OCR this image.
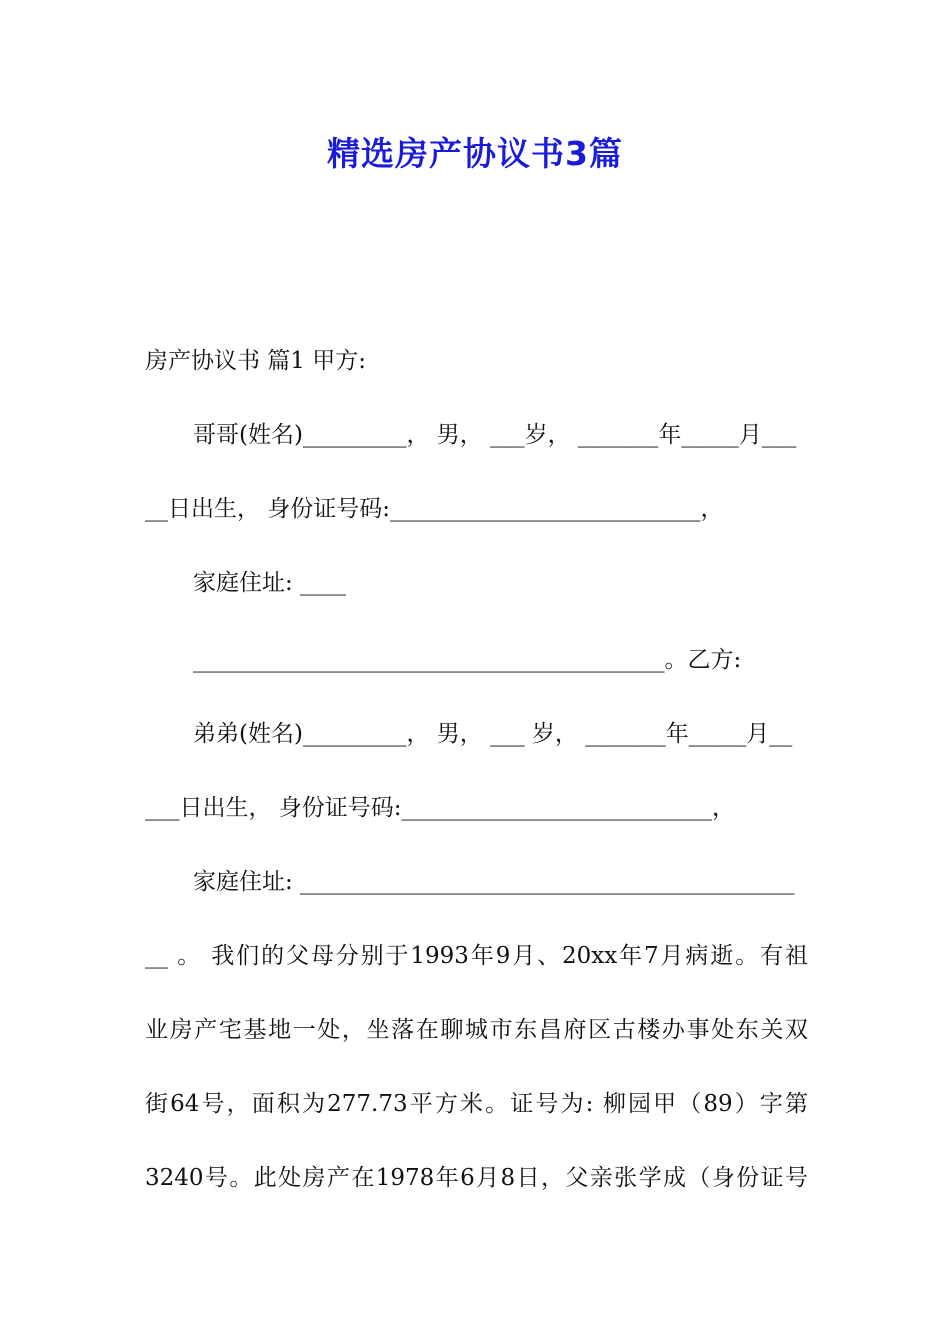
精选房产协议书3篇
房产协议书 篇1 甲方:
哥哥(姓名)_________， 男， ___岁， _______年_____月___
__日出生， 身份证号码:___________________________，
家庭住址: ____
_________________________________________。乙方:
弟弟(姓名)_________， 男， ___ 岁， _______年_____月__
___日出生， 身份证号码:___________________________，
家庭住址: ___________________________________________
__ 。 我们的父母分别于1993年9月、20xx年7月病逝。有祖
业房产宅基地一处，坐落在聊城市东昌府区古楼办事处东关双
街64号，面积为277.73平方米。证号为: 柳园甲（89）字第
3240号。此处房产在1978年6月8日，父亲张学成（身份证号
